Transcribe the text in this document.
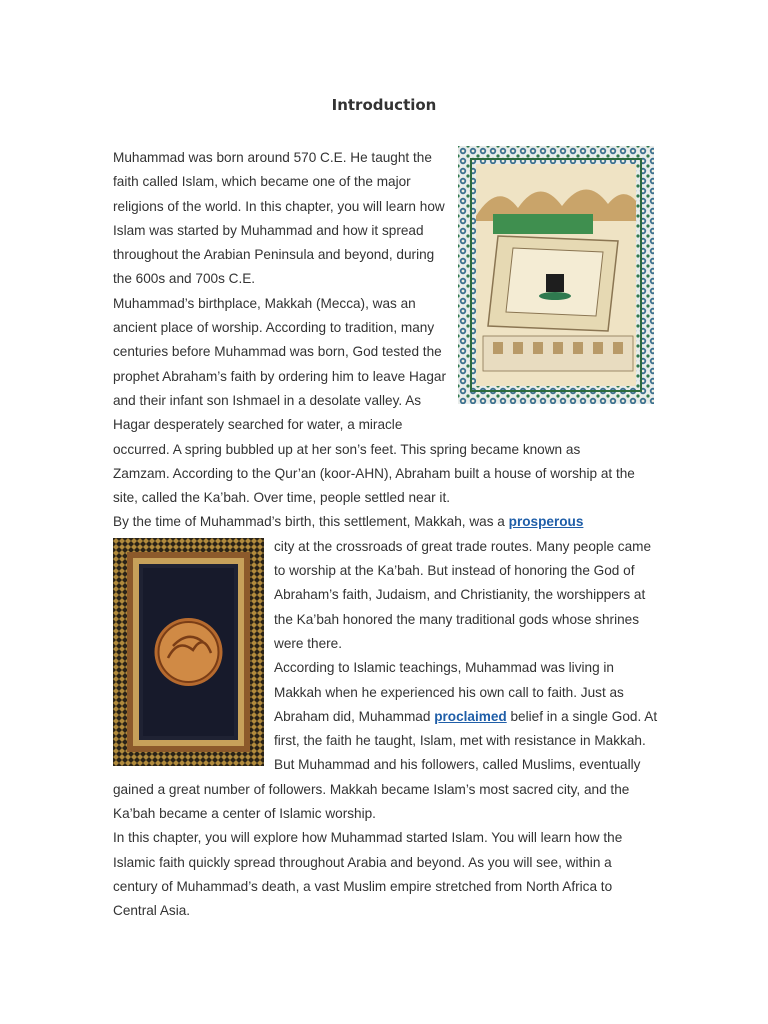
Introduction

Muhammad was born around 570 C.E. He taught the faith called Islam, which became one of the major religions of the world. In this chapter, you will learn how Islam was started by Muhammad and how it spread throughout the Arabian Peninsula and beyond, during the 600s and 700s C.E.

Muhammad’s birthplace, Makkah (Mecca), was an ancient place of worship. According to tradition, many centuries before Muhammad was born, God tested the prophet Abraham’s faith by ordering him to leave Hagar and their infant son Ishmael in a desolate valley. As Hagar desperately searched for water, a miracle occurred. A spring bubbled up at her son’s feet. This spring became known as

Zamzam. According to the Qur’an (koor-AHN), Abraham built a house of worship at the site, called the Ka’bah. Over time, people settled near it.

By the time of Muhammad’s birth, this settlement, Makkah, was a prosperous

city at the crossroads of great trade routes. Many people came to worship at the Ka’bah. But instead of honoring the God of Abraham’s faith, Judaism, and Christianity, the worshippers at the Ka’bah honored the many traditional gods whose shrines were there.

According to Islamic teachings, Muhammad was living in Makkah when he experienced his own call to faith. Just as Abraham did, Muhammad proclaimed belief in a single God. At first, the faith he taught, Islam, met with resistance in Makkah. But Muhammad and his followers, called Muslims, eventually gained a great number of followers. Makkah became Islam’s most sacred city, and the Ka’bah became a center of Islamic worship.

In this chapter, you will explore how Muhammad started Islam. You will learn how the Islamic faith quickly spread throughout Arabia and beyond. As you will see, within a century of Muhammad’s death, a vast Muslim empire stretched from North Africa to Central Asia.
